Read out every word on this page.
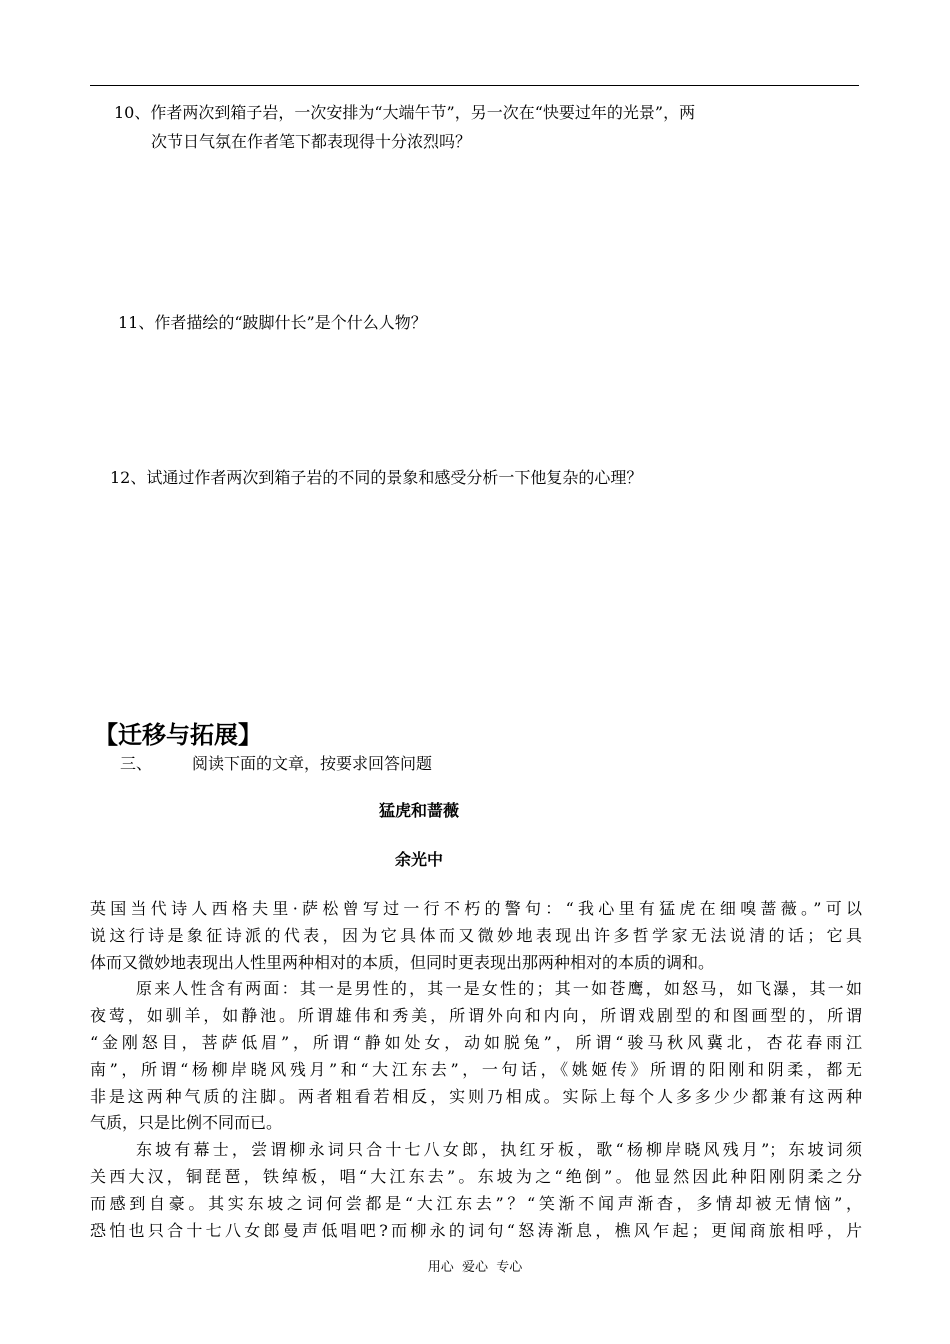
10、作者两次到箱子岩，一次安排为“大端午节”，另一次在“快要过年的光景”，两
次节日气氛在作者笔下都表现得十分浓烈吗？
11、作者描绘的“跛脚什长”是个什么人物？
12、试通过作者两次到箱子岩的不同的景象和感受分析一下他复杂的心理？
【迁移与拓展】
三、 阅读下面的文章，按要求回答问题
猛虎和蔷薇
余光中
英国当代诗人西格夫里·萨松曾写过一行不朽的警句：“我心里有猛虎在细嗅蔷薇。”可以
说这行诗是象征诗派的代表，因为它具体而又微妙地表现出许多哲学家无法说清的话；它具
体而又微妙地表现出人性里两种相对的本质，但同时更表现出那两种相对的本质的调和。
原来人性含有两面：其一是男性的，其一是女性的；其一如苍鹰，如怒马，如飞瀑，其一如
夜莺，如驯羊，如静池。所谓雄伟和秀美，所谓外向和内向，所谓戏剧型的和图画型的，所谓
“金刚怒目，菩萨低眉”，所谓“静如处女，动如脱兔”，所谓“骏马秋风冀北，杏花春雨江
南”，所谓“杨柳岸晓风残月”和“大江东去”，一句话，《姚姬传》所谓的阳刚和阴柔，都无
非是这两种气质的注脚。两者粗看若相反，实则乃相成。实际上每个人多多少少都兼有这两种
气质，只是比例不同而已。
东坡有幕士，尝谓柳永词只合十七八女郎，执红牙板，歌“杨柳岸晓风残月”；东坡词须
关西大汉，铜琵琶，铁绰板，唱“大江东去”。东坡为之“绝倒”。他显然因此种阳刚阴柔之分
而感到自豪。其实东坡之词何尝都是“大江东去”？“笑渐不闻声渐杳，多情却被无情恼”，
恐怕也只合十七八女郎曼声低唱吧?而柳永的词句“怒涛渐息，樵风乍起；更闻商旅相呼，片
用心  爱心  专心
